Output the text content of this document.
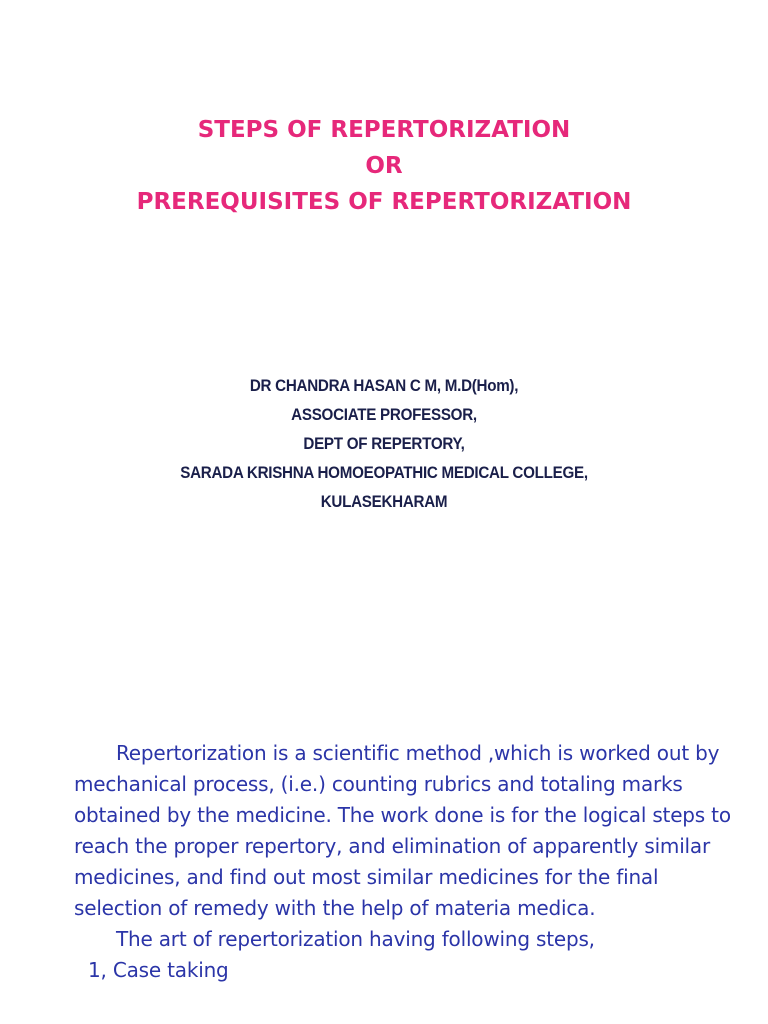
STEPS OF REPERTORIZATION
OR
PREREQUISITES OF REPERTORIZATION
DR CHANDRA HASAN C M, M.D(Hom),
ASSOCIATE PROFESSOR,
DEPT OF REPERTORY,
SARADA KRISHNA HOMOEOPATHIC MEDICAL COLLEGE,
KULASEKHARAM

Repertorization is a scientific method ,which is worked out by mechanical process, (i.e.) counting rubrics and totaling marks obtained by the medicine. The work done is for the logical steps to reach the proper repertory, and elimination of apparently similar medicines, and find out most similar medicines for the final selection of remedy with the help of materia medica.

The art of repertorization having following steps,

1, Case taking
